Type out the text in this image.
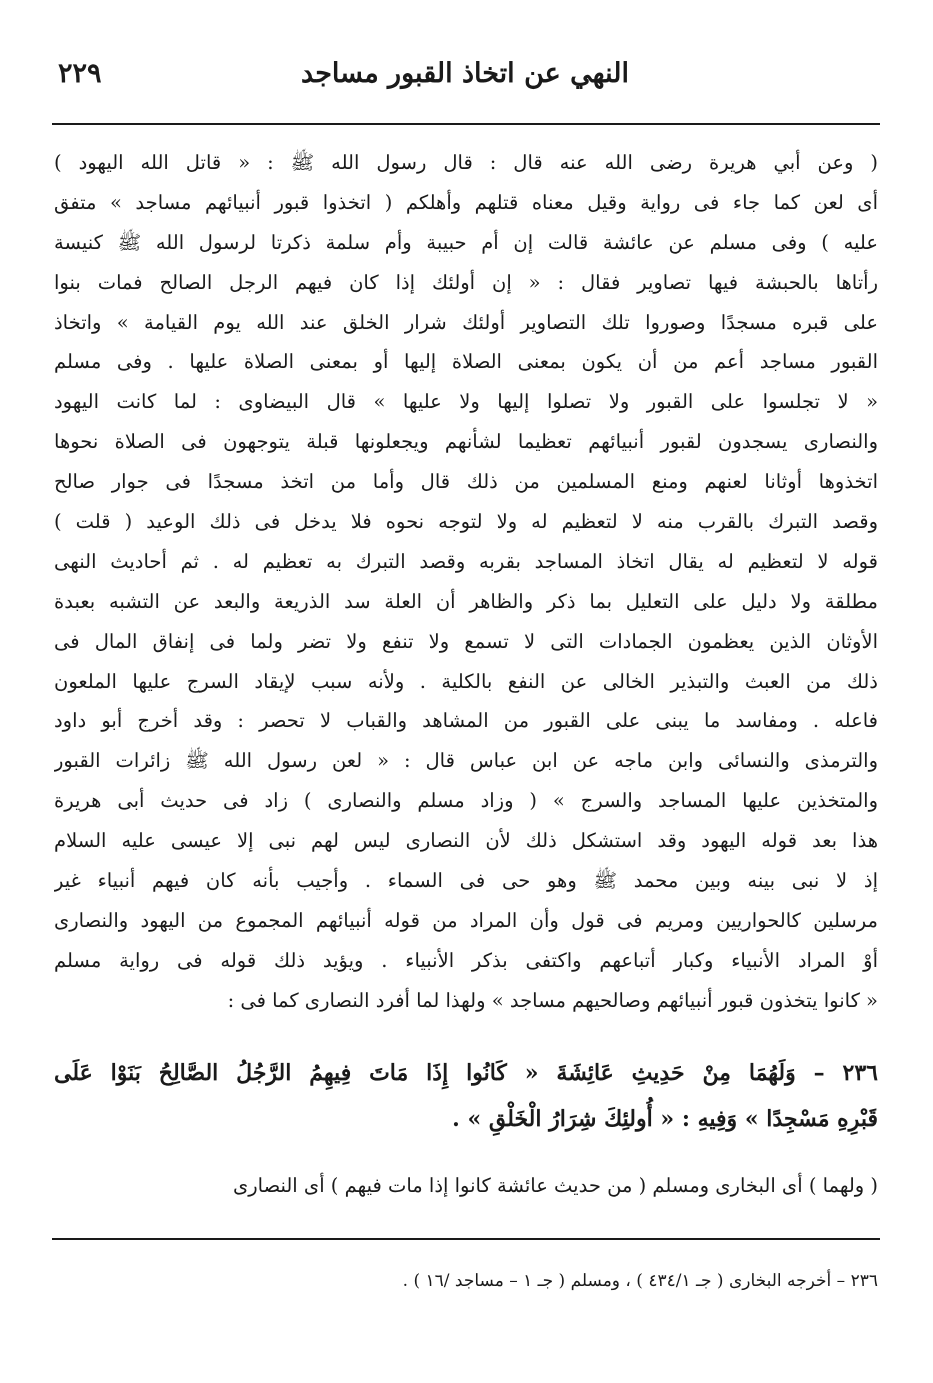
النهي عن اتخاذ القبور مساجد
٢٢٩
( وعن أبي هريرة رضى الله عنه قال : قال رسول الله ﷺ : « قاتل الله اليهود )
أى لعن كما جاء فى رواية وقيل معناه قتلهم وأهلكم ( اتخذوا قبور أنبيائهم مساجد » متفق
عليه ) وفى مسلم عن عائشة قالت إن أم حبيبة وأم سلمة ذكرتا لرسول الله ﷺ كنيسة
رأتاها بالحبشة فيها تصاوير فقال : « إن أولئك إذا كان فيهم الرجل الصالح فمات بنوا
على قبره مسجدًا وصوروا تلك التصاوير أولئك شرار الخلق عند الله يوم القيامة » واتخاذ
القبور مساجد أعم من أن يكون بمعنى الصلاة إليها أو بمعنى الصلاة عليها . وفى مسلم
« لا تجلسوا على القبور ولا تصلوا إليها ولا عليها » قال البيضاوى : لما كانت اليهود
والنصارى يسجدون لقبور أنبيائهم تعظيما لشأنهم ويجعلونها قبلة يتوجهون فى الصلاة نحوها
اتخذوها أوثانا لعنهم ومنع المسلمين من ذلك قال وأما من اتخذ مسجدًا فى جوار صالح
وقصد التبرك بالقرب منه لا لتعظيم له ولا لتوجه نحوه فلا يدخل فى ذلك الوعيد ( قلت )
قوله لا لتعظيم له يقال اتخاذ المساجد بقربه وقصد التبرك به تعظيم له . ثم أحاديث النهى
مطلقة ولا دليل على التعليل بما ذكر والظاهر أن العلة سد الذريعة والبعد عن التشبه بعبدة
الأوثان الذين يعظمون الجمادات التى لا تسمع ولا تنفع ولا تضر ولما فى إنفاق المال فى
ذلك من العبث والتبذير الخالى عن النفع بالكلية . ولأنه سبب لإيقاد السرج عليها الملعون
فاعله . ومفاسد ما يبنى على القبور من المشاهد والقباب لا تحصر : وقد أخرج أبو داود
والترمذى والنسائى وابن ماجه عن ابن عباس قال : « لعن رسول الله ﷺ زائرات القبور
والمتخذين عليها المساجد والسرج » ( وزاد مسلم والنصارى ) زاد فى حديث أبى هريرة
هذا بعد قوله اليهود وقد استشكل ذلك لأن النصارى ليس لهم نبى إلا عيسى عليه السلام
إذ لا نبى بينه وبين محمد ﷺ وهو حى فى السماء . وأجيب بأنه كان فيهم أنبياء غير
مرسلين كالحواريين ومريم فى قول وأن المراد من قوله أنبيائهم المجموع من اليهود والنصارى
أوْ المراد الأنبياء وكبار أتباعهم واكتفى بذكر الأنبياء . ويؤيد ذلك قوله فى رواية مسلم
« كانوا يتخذون قبور أنبيائهم وصالحيهم مساجد » ولهذا لما أفرد النصارى كما فى :
٢٣٦ – وَلَهُمَا مِنْ حَدِيثِ عَائِشَةَ « كَانُوا إِذَا مَاتَ فِيهِمُ الرَّجُلُ الصَّالِحُ بَنَوْا عَلَى
قَبْرِهِ مَسْجِدًا » وَفِيهِ : « أُولئِكَ شِرَارُ الْخَلْقِ » .
( ولهما ) أى البخارى ومسلم ( من حديث عائشة كانوا إذا مات فيهم ) أى النصارى
٢٣٦ – أخرجه البخارى ( جـ ٤٣٤/١ ) ، ومسلم ( جـ ١ – مساجد /١٦ ) .
